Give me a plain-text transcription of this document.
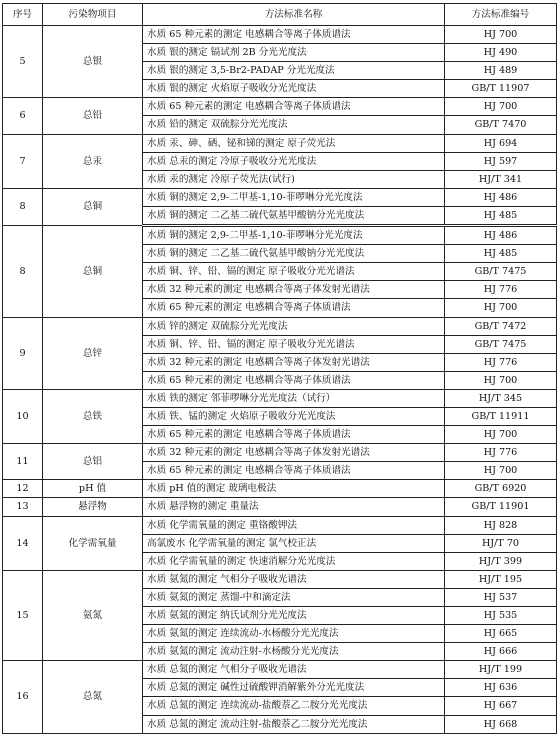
序号	污染物项目	方法标准名称	方法标准编号
5	总银	水质 65 种元素的测定 电感耦合等离子体质谱法	HJ 700
		水质 银的测定 镉试剂 2B 分光光度法	HJ 490
		水质 银的测定 3,5-Br2-PADAP 分光光度法	HJ 489
		水质 银的测定 火焰原子吸收分光光度法	GB/T 11907
6	总铅	水质 65 种元素的测定 电感耦合等离子体质谱法	HJ 700
		水质 铅的测定 双硫腙分光光度法	GB/T 7470
7	总汞	水质 汞、砷、硒、铋和锑的测定 原子荧光法	HJ 694
		水质 总汞的测定 冷原子吸收分光光度法	HJ 597
		水质 汞的测定 冷原子荧光法(试行)	HJ/T 341
8	总铜	水质 铜的测定 2,9-二甲基-1,10-菲啰啉分光光度法	HJ 486
		水质 铜的测定 二乙基二硫代氨基甲酸钠分光光度法	HJ 485
8	总铜	水质 铜的测定 2,9-二甲基-1,10-菲啰啉分光光度法	HJ 486
		水质 铜的测定 二乙基二硫代氨基甲酸钠分光光度法	HJ 485
		水质 铜、锌、铅、镉的测定 原子吸收分光光谱法	GB/T 7475
		水质 32 种元素的测定 电感耦合等离子体发射光谱法	HJ 776
		水质 65 种元素的测定 电感耦合等离子体质谱法	HJ 700
9	总锌	水质 锌的测定 双硫腙分光光度法	GB/T 7472
		水质 铜、锌、铅、镉的测定 原子吸收分光光谱法	GB/T 7475
		水质 32 种元素的测定 电感耦合等离子体发射光谱法	HJ 776
		水质 65 种元素的测定 电感耦合等离子体质谱法	HJ 700
10	总铁	水质 铁的测定 邻菲啰啉分光光度法（试行）	HJ/T 345
		水质 铁、锰的测定 火焰原子吸收分光光度法	GB/T 11911
		水质 65 种元素的测定 电感耦合等离子体质谱法	HJ 700
11	总铝	水质 32 种元素的测定 电感耦合等离子体发射光谱法	HJ 776
		水质 65 种元素的测定 电感耦合等离子体质谱法	HJ 700
12	pH 值	水质 pH 值的测定 玻璃电极法	GB/T 6920
13	悬浮物	水质 悬浮物的测定 重量法	GB/T 11901
14	化学需氧量	水质 化学需氧量的测定 重铬酸钾法	HJ 828
		高氯废水 化学需氧量的测定 氯气校正法	HJ/T 70
		水质 化学需氧量的测定 快速消解分光光度法	HJ/T 399
15	氨氮	水质 氨氮的测定 气相分子吸收光谱法	HJ/T 195
		水质 氨氮的测定 蒸馏-中和滴定法	HJ 537
		水质 氨氮的测定 纳氏试剂分光光度法	HJ 535
		水质 氨氮的测定 连续流动-水杨酸分光光度法	HJ 665
		水质 氨氮的测定 流动注射-水杨酸分光光度法	HJ 666
16	总氮	水质 总氮的测定 气相分子吸收光谱法	HJ/T 199
		水质 总氮的测定 碱性过硫酸钾消解紫外分光光度法	HJ 636
		水质 总氮的测定 连续流动-盐酸萘乙二胺分光光度法	HJ 667
		水质 总氮的测定 流动注射-盐酸萘乙二胺分光光度法	HJ 668
